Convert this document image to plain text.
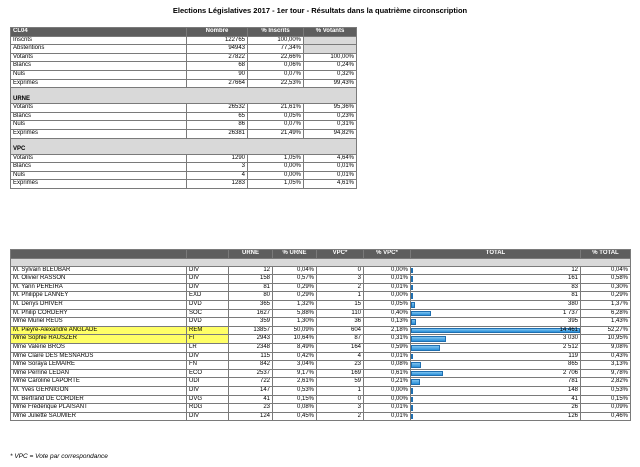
Elections Législatives 2017 - 1er tour - Résultats dans la quatrième circonscription
CL04	Nombre	% Inscrits	% Votants
Inscrits	122765	100,00%	
Abstentions	94943	77,34%	
Votants	27822	22,66%	100,00%
Blancs	68	0,06%	0,24%
Nuls	90	0,07%	0,32%
Exprimés	27664	22,53%	99,43%
URNE			
Votants	26532	21,61%	95,36%
Blancs	65	0,05%	0,23%
Nuls	86	0,07%	0,31%
Exprimés	26381	21,49%	94,82%
VPC			
Votants	1290	1,05%	4,64%
Blancs	3	0,00%	0,01%
Nuls	4	0,00%	0,01%
Exprimés	1283	1,05%	4,61%
		URNE	% URNE	VPC*	% VPC*	TOTAL	% TOTAL

M. Sylvain BLEUBAR	DIV	12	0,04%	0	0,00%	12	0,04%
M. Olivier RASSON	DIV	158	0,57%	3	0,01%	161	0,58%
M. Yann PEREIRA	DIV	81	0,29%	2	0,01%	83	0,30%
M. Philippe LANNEY	EXD	80	0,29%	1	0,00%	81	0,29%
M. Denys DHIVER	DVD	365	1,32%	15	0,05%	380	1,37%
M. Philip CORDERY	SOC	1627	5,88%	110	0,40%	1 737	6,28%
Mme Muriel RÉUS	DVD	359	1,30%	36	0,13%	395	1,43%
M. Pieyre-Alexandre ANGLADE	REM	13857	50,09%	604	2,18%	14 461	52,27%
Mme Sophie RAUSZER	FI	2943	10,64%	87	0,31%	3 030	10,95%
Mme Valérie BROS	LR	2348	8,49%	164	0,59%	2 512	9,08%
Mme Claire DES MESNARDS	DIV	115	0,42%	4	0,01%	119	0,43%
Mme Soraya LEMAIRE	FN	842	3,04%	23	0,08%	865	3,13%
Mme Perrine LEDAN	ECO	2537	9,17%	169	0,61%	2 706	9,78%
Mme Caroline LAPORTE	UDI	722	2,61%	59	0,21%	781	2,82%
M. Yves GERNIGON	DIV	147	0,53%	1	0,00%	148	0,53%
M. Bertrand DE CORDIER	DVG	41	0,15%	0	0,00%	41	0,15%
Mme Frédérique PLAISANT	RDG	23	0,08%	3	0,01%	26	0,09%
Mme Juliette SAUMIER	DIV	124	0,45%	2	0,01%	126	0,46%
* VPC = Vote par correspondance
